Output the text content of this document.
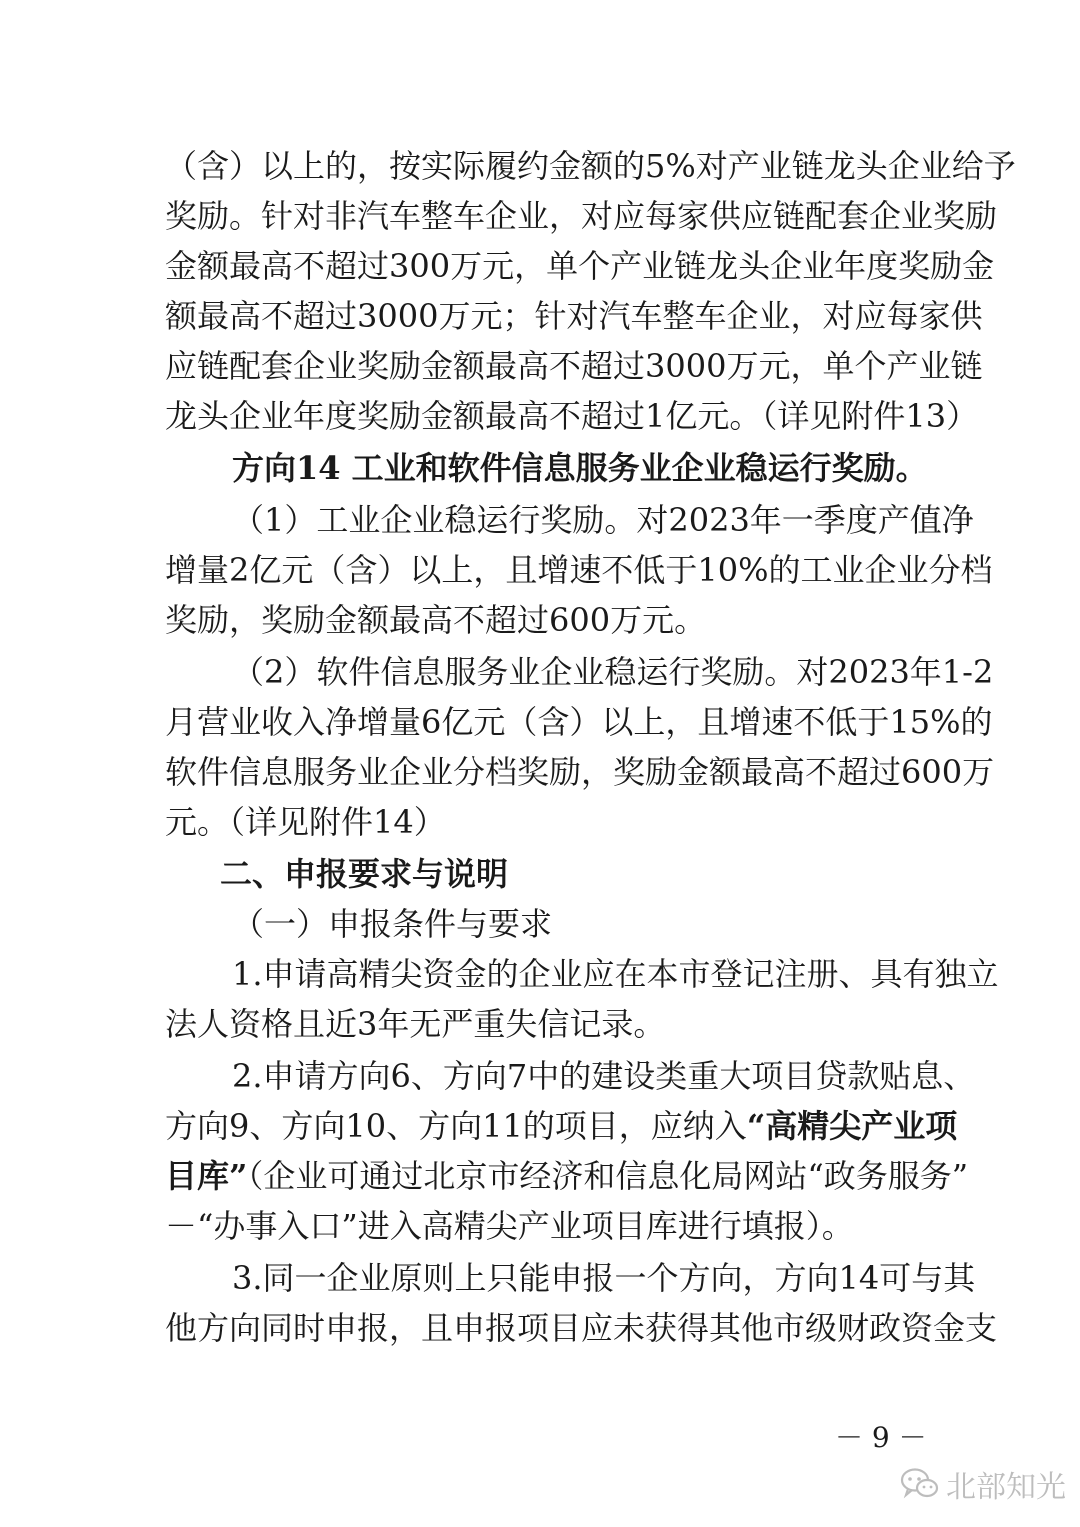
（含）以上的，按实际履约金额的5%对产业链龙头企业给予
奖励。针对非汽车整车企业，对应每家供应链配套企业奖励
金额最高不超过300万元，单个产业链龙头企业年度奖励金
额最高不超过3000万元；针对汽车整车企业，对应每家供
应链配套企业奖励金额最高不超过3000万元，单个产业链
龙头企业年度奖励金额最高不超过1亿元。（详见附件13）
方向14 工业和软件信息服务业企业稳运行奖励。
（1）工业企业稳运行奖励。对2023年一季度产值净
增量2亿元（含）以上，且增速不低于10%的工业企业分档
奖励，奖励金额最高不超过600万元。
（2）软件信息服务业企业稳运行奖励。对2023年1-2
月营业收入净增量6亿元（含）以上，且增速不低于15%的
软件信息服务业企业分档奖励，奖励金额最高不超过600万
元。（详见附件14）
二、申报要求与说明
（一）申报条件与要求
1.申请高精尖资金的企业应在本市登记注册、具有独立
法人资格且近3年无严重失信记录。
2.申请方向6、方向7中的建设类重大项目贷款贴息、
方向9、方向10、方向11的项目，应纳入“高精尖产业项
目库”（企业可通过北京市经济和信息化局网站“政务服务”
－“办事入口”进入高精尖产业项目库进行填报）。
3.同一企业原则上只能申报一个方向，方向14可与其
他方向同时申报，且申报项目应未获得其他市级财政资金支
－ 9 －
北部知光
